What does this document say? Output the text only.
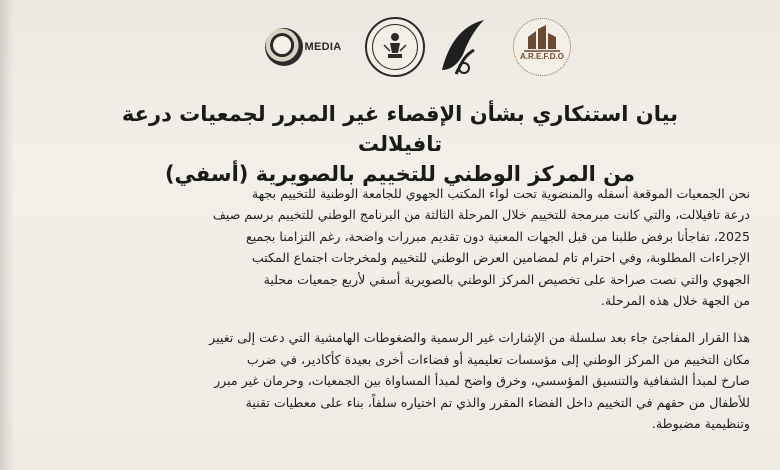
MEDIA
A.R.E.F.D.O
بيان استنكاري بشأن الإقصاء غير المبرر لجمعيات درعة تافيلالت
من المركز الوطني للتخييم بالصويرية (أسفي)

نحن الجمعيات الموقعة أسفله والمنضوية تحت لواء المكتب الجهوي للجامعة الوطنية للتخييم بجهة
درعة تافيلالت، والتي كانت مبرمجة للتخييم خلال المرحلة الثالثة من البرنامج الوطني للتخييم برسم صيف
2025، تفاجأنا برفض طلبنا من قبل الجهات المعنية دون تقديم مبررات واضحة، رغم التزامنا بجميع
الإجراءات المطلوبة، وفي احترام تام لمضامين العرض الوطني للتخييم ولمخرجات اجتماع المكتب
الجهوي والتي نصت صراحة على تخصيص المركز الوطني بالصويرية أسفي لأربع جمعيات محلية
من الجهة خلال هذه المرحلة.

هذا القرار المفاجئ جاء بعد سلسلة من الإشارات غير الرسمية والضغوطات الهامشية التي دعت إلى تغيير
مكان التخييم من المركز الوطني إلى مؤسسات تعليمية أو فضاءات أخرى بعيدة كأكادير، في ضرب
صارخ لمبدأ الشفافية والتنسيق المؤسسي، وخرق واضح لمبدأ المساواة بين الجمعيات، وحرمان غير مبرر
للأطفال من حقهم في التخييم داخل الفضاء المقرر والذي تم اختياره سلفاً، بناء على معطيات تقنية
وتنظيمية مضبوطة.
